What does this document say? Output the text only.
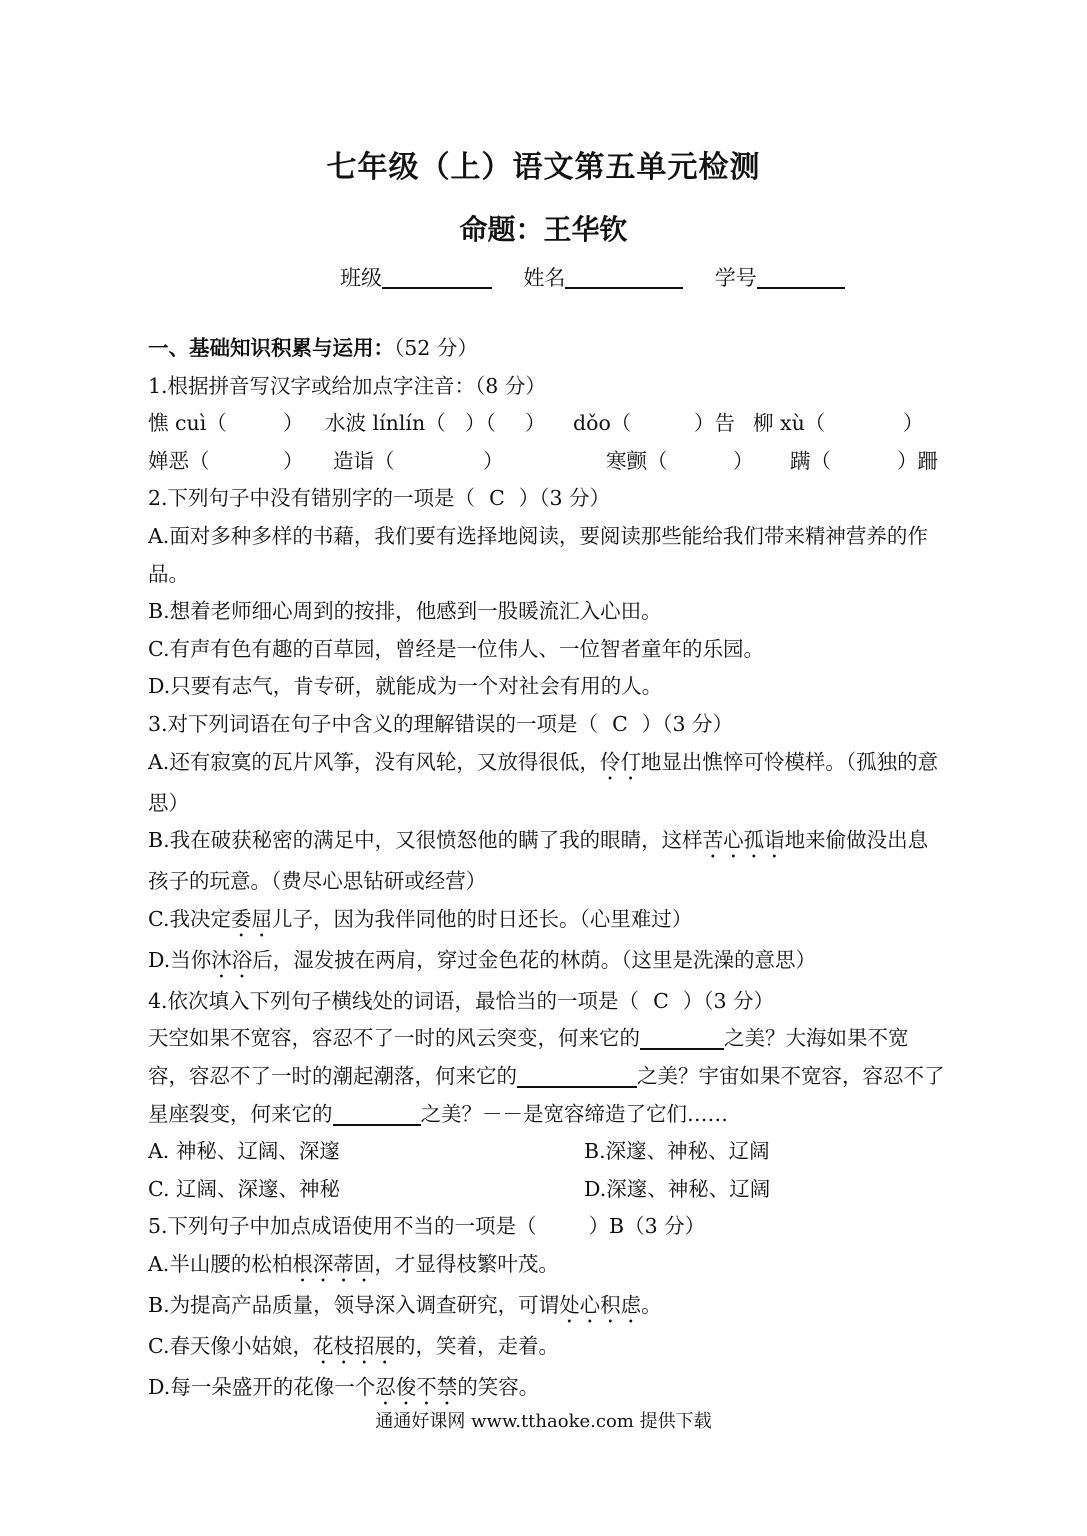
七年级（上）语文第五单元检测
命题：王华钦
班级	姓名	学号

一、基础知识积累与运用：（52 分）

1.根据拼音写汉字或给加点字注音：（8 分）

憔 cuì（	） 水波 línlín（ ）（ ） dǒo（	）告 柳 xù（	）

婵恶（	） 造诣（	）	寒颤（	） 蹒（	）跚

2.下列句子中没有错别字的一项是（ C ）（3 分）

A.面对多种多样的书藉，我们要有选择地阅读，要阅读那些能给我们带来精神营养的作品。

B.想着老师细心周到的按排，他感到一股暖流汇入心田。

C.有声有色有趣的百草园，曾经是一位伟人、一位智者童年的乐园。

D.只要有志气，肯专研，就能成为一个对社会有用的人。

3.对下列词语在句子中含义的理解错误的一项是（ C ）（3 分）

A.还有寂寞的瓦片风筝，没有风轮，又放得很低，伶仃地显出憔悴可怜模样。（孤独的意思）

B.我在破获秘密的满足中，又很愤怒他的瞒了我的眼睛，这样苦心孤诣地来偷做没出息孩子的玩意。（费尽心思钻研或经营）

C.我决定委屈儿子，因为我伴同他的时日还长。（心里难过）

D.当你沐浴后，湿发披在两肩，穿过金色花的林荫。（这里是洗澡的意思）

4.依次填入下列句子横线处的词语，最恰当的一项是（ C ）（3 分）

天空如果不宽容，容忍不了一时的风云突变，何来它的	之美？大海如果不宽容，容忍不了一时的潮起潮落，何来它的	之美？宇宙如果不宽容，容忍不了星座裂变，何来它的	之美？－－是宽容缔造了它们……

A. 神秘、辽阔、深邃	B.深邃、神秘、辽阔

C. 辽阔、深邃、神秘	D.深邃、神秘、辽阔

5.下列句子中加点成语使用不当的一项是（	）B（3 分）

A.半山腰的松柏根深蒂固，才显得枝繁叶茂。

B.为提高产品质量，领导深入调查研究，可谓处心积虑。

C.春天像小姑娘，花枝招展的，笑着，走着。

D.每一朵盛开的花像一个忍俊不禁的笑容。

通通好课网 www.tthaoke.com 提供下载
